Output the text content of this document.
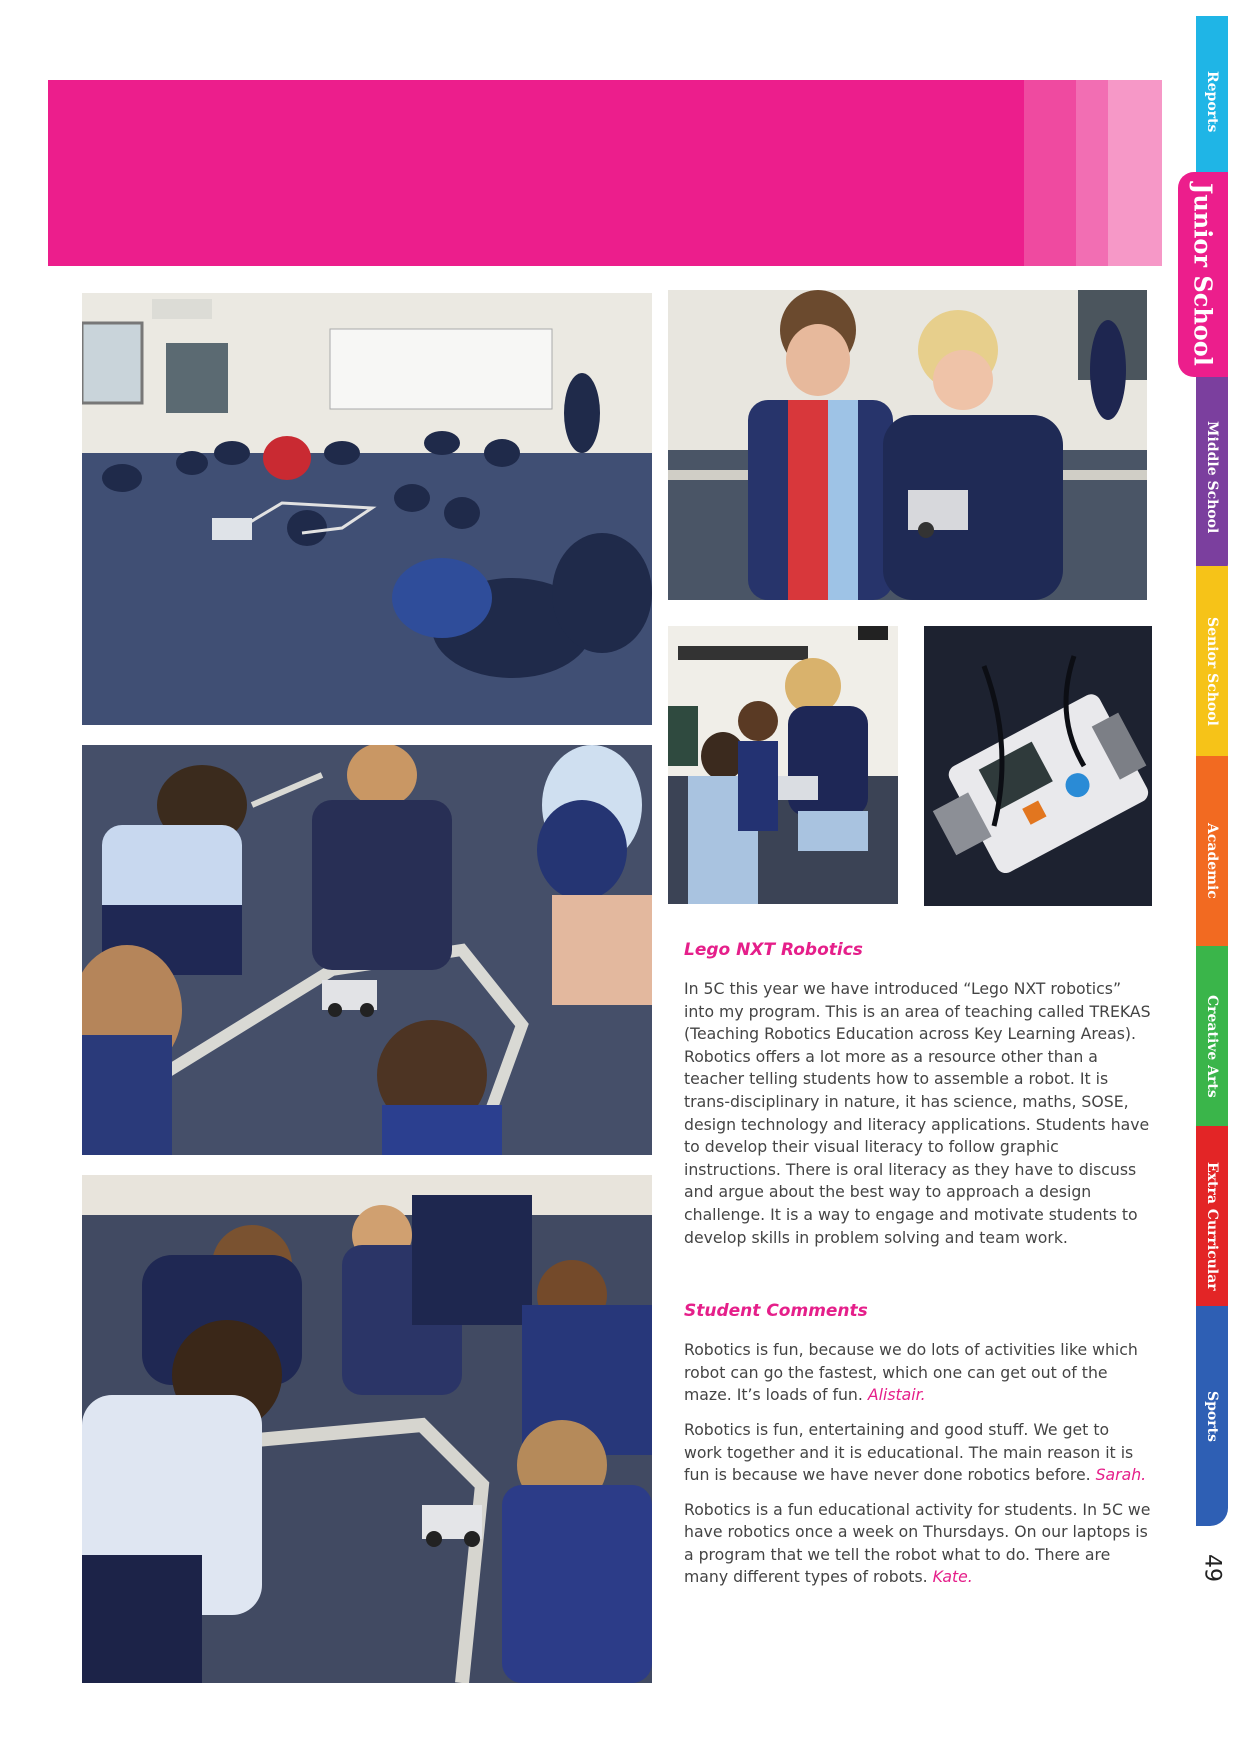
Reports
Middle School
Senior School
Academic
Creative Arts
Extra Curricular
Sports
Junior School
49
Lego NXT Robotics

In 5C this year we have introduced “Lego NXT robotics” into my program. This is an area of teaching called TREKAS (Teaching Robotics Education across Key Learning Areas). Robotics offers a lot more as a resource other than a teacher telling students how to assemble a robot. It is trans-disciplinary in nature, it has science, maths, SOSE, design technology and literacy applications. Students have to develop their visual literacy to follow graphic instructions. There is oral literacy as they have to discuss and argue about the best way to approach a design challenge. It is a way to engage and motivate students to develop skills in problem solving and team work.

Student Comments

Robotics is fun, because we do lots of activities like which robot can go the fastest, which one can get out of the maze. It’s loads of fun. Alistair.

Robotics is fun, entertaining and good stuff. We get to work together and it is educational. The main reason it is fun is because we have never done robotics before. Sarah.

Robotics is a fun educational activity for students. In 5C we have robotics once a week on Thursdays. On our laptops is a program that we tell the robot what to do. There are many different types of robots. Kate.
